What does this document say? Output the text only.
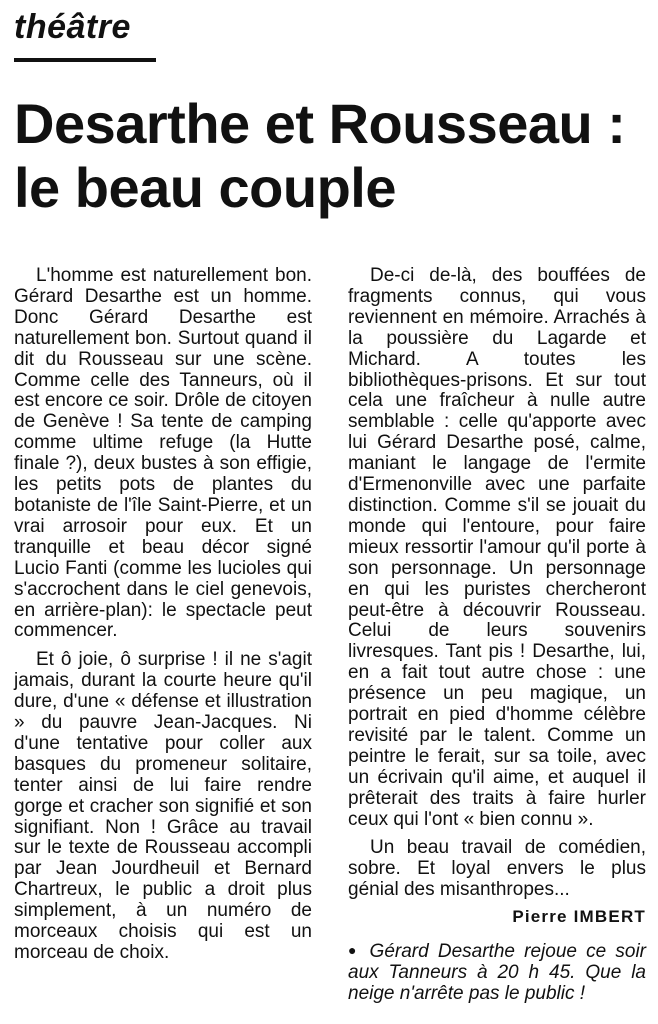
théâtre
Desarthe et Rousseau :
le beau couple

L'homme est naturellement bon. Gérard Desarthe est un homme. Donc Gérard Desarthe est naturellement bon. Surtout quand il dit du Rousseau sur une scène. Comme celle des Tanneurs, où il est encore ce soir. Drôle de citoyen de Genève ! Sa tente de camping comme ultime refuge (la Hutte finale ?), deux bustes à son effigie, les petits pots de plantes du botaniste de l'île Saint-Pierre, et un vrai arrosoir pour eux. Et un tranquille et beau décor signé Lucio Fanti (comme les lucioles qui s'accrochent dans le ciel genevois, en arrière-plan): le spectacle peut commencer.

Et ô joie, ô surprise ! il ne s'agit jamais, durant la courte heure qu'il dure, d'une « défense et illustration » du pauvre Jean-Jacques. Ni d'une tentative pour coller aux basques du promeneur solitaire, tenter ainsi de lui faire rendre gorge et cracher son signifié et son signifiant. Non ! Grâce au travail sur le texte de Rousseau accompli par Jean Jourdheuil et Bernard Chartreux, le public a droit plus simplement, à un numéro de morceaux choisis qui est un morceau de choix.

De-ci de-là, des bouffées de fragments connus, qui vous reviennent en mémoire. Arrachés à la poussière du Lagarde et Michard. A toutes les bibliothèques-prisons. Et sur tout cela une fraîcheur à nulle autre semblable : celle qu'apporte avec lui Gérard Desarthe posé, calme, maniant le langage de l'ermite d'Ermenonville avec une parfaite distinction. Comme s'il se jouait du monde qui l'entoure, pour faire mieux ressortir l'amour qu'il porte à son personnage. Un personnage en qui les puristes chercheront peut-être à découvrir Rousseau. Celui de leurs souvenirs livresques. Tant pis ! Desarthe, lui, en a fait tout autre chose : une présence un peu magique, un portrait en pied d'homme célèbre revisité par le talent. Comme un peintre le ferait, sur sa toile, avec un écrivain qu'il aime, et auquel il prêterait des traits à faire hurler ceux qui l'ont « bien connu ».

Un beau travail de comédien, sobre. Et loyal envers le plus génial des misanthropes...

Pierre IMBERT
● Gérard Desarthe rejoue ce soir aux Tanneurs à 20 h 45. Que la neige n'arrête pas le public !
